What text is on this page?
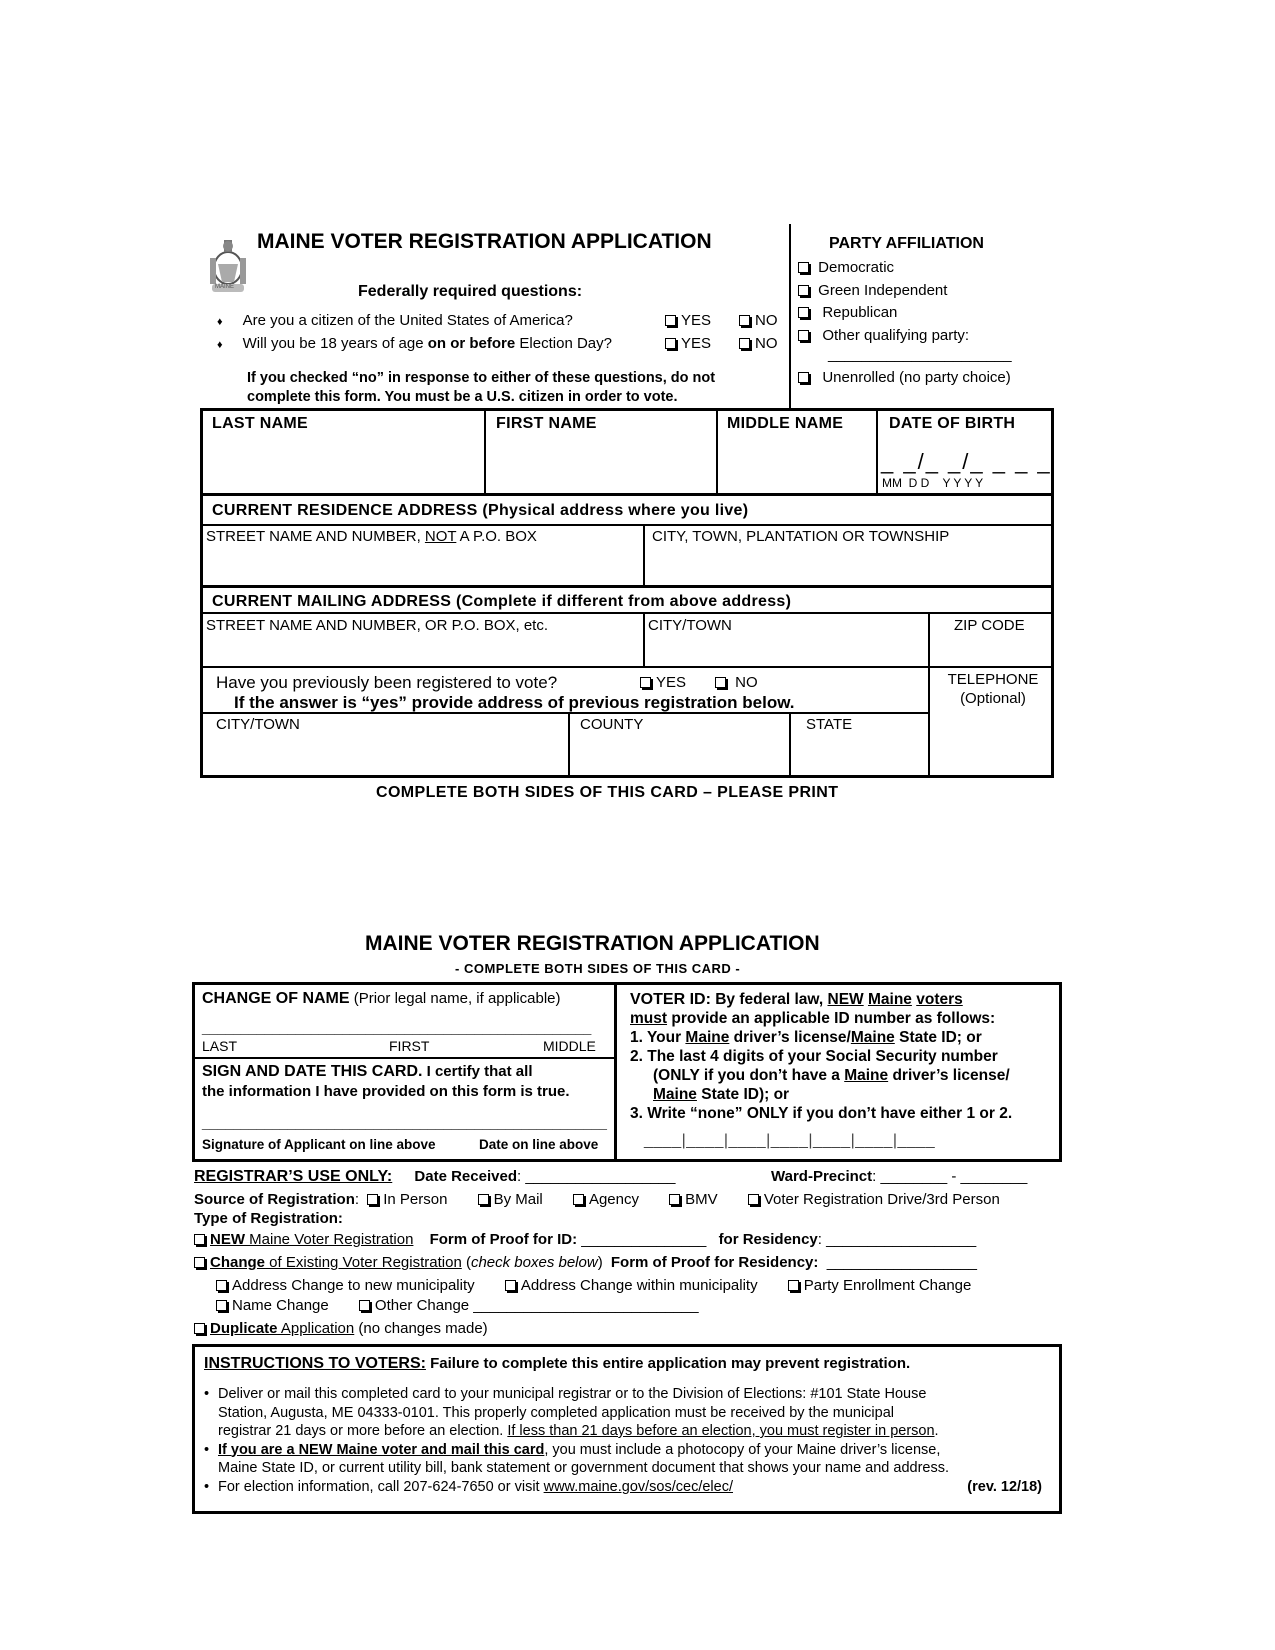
MAINE
MAINE VOTER REGISTRATION APPLICATION
Federally required questions:
♦ Are you a citizen of the United States of America?	YES	NO
♦ Will you be 18 years of age on or before Election Day?	YES	NO
If you checked “no” in response to either of these questions, do not
complete this form. You must be a U.S. citizen in order to vote.
PARTY AFFILIATION
Democratic
Green Independent
Republican
Other qualifying party:
______________________
Unenrolled (no party choice)
LAST NAME	FIRST NAME	MIDDLE NAME	DATE OF BIRTH
_ _/_ _/_ _ _ _
MM  D D    Y Y Y Y
CURRENT RESIDENCE ADDRESS (Physical address where you live)
STREET NAME AND NUMBER, NOT A P.O. BOX	CITY, TOWN, PLANTATION OR TOWNSHIP
CURRENT MAILING ADDRESS (Complete if different from above address)
STREET NAME AND NUMBER, OR P.O. BOX, etc.	CITY/TOWN	ZIP CODE
Have you previously been registered to vote?	YES	NO
If the answer is “yes” provide address of previous registration below.
TELEPHONE
(Optional)
CITY/TOWN	COUNTY	STATE
COMPLETE BOTH SIDES OF THIS CARD – PLEASE PRINT
MAINE VOTER REGISTRATION APPLICATION
- COMPLETE BOTH SIDES OF THIS CARD -
CHANGE OF NAME (Prior legal name, if applicable)
__________________________________________________
LAST	FIRST	MIDDLE
SIGN AND DATE THIS CARD. I certify that all
the information I have provided on this form is true.
____________________________________________________
Signature of Applicant on line above	Date on line above
VOTER ID: By federal law, NEW Maine voters
must provide an applicable ID number as follows:
1. Your Maine driver’s license/Maine State ID; or
2. The last 4 digits of your Social Security number
(ONLY if you don’t have a Maine driver’s license/
Maine State ID); or
3. Write “none” ONLY if you don’t have either 1 or 2.
____|____|____|____|____|____|____
REGISTRAR’S USE ONLY: Date Received: __________________	Ward-Precinct: ________ - ________
Source of Registration: In Person	By Mail	Agency	BMV	Voter Registration Drive/3rd Person
Type of Registration:
NEW Maine Voter Registration Form of Proof for ID: _______________ for Residency: __________________
Change of Existing Voter Registration (check boxes below) Form of Proof for Residency: __________________
Address Change to new municipality	Address Change within municipality	Party Enrollment Change
Name Change	Other Change ___________________________
Duplicate Application (no changes made)
INSTRUCTIONS TO VOTERS: Failure to complete this entire application may prevent registration.
• Deliver or mail this completed card to your municipal registrar or to the Division of Elections: #101 State House
Station, Augusta, ME 04333-0101. This properly completed application must be received by the municipal
registrar 21 days or more before an election. If less than 21 days before an election, you must register in person.
• If you are a NEW Maine voter and mail this card, you must include a photocopy of your Maine driver’s license,
Maine State ID, or current utility bill, bank statement or government document that shows your name and address.
• For election information, call 207-624-7650 or visit www.maine.gov/sos/cec/elec/	(rev. 12/18)
